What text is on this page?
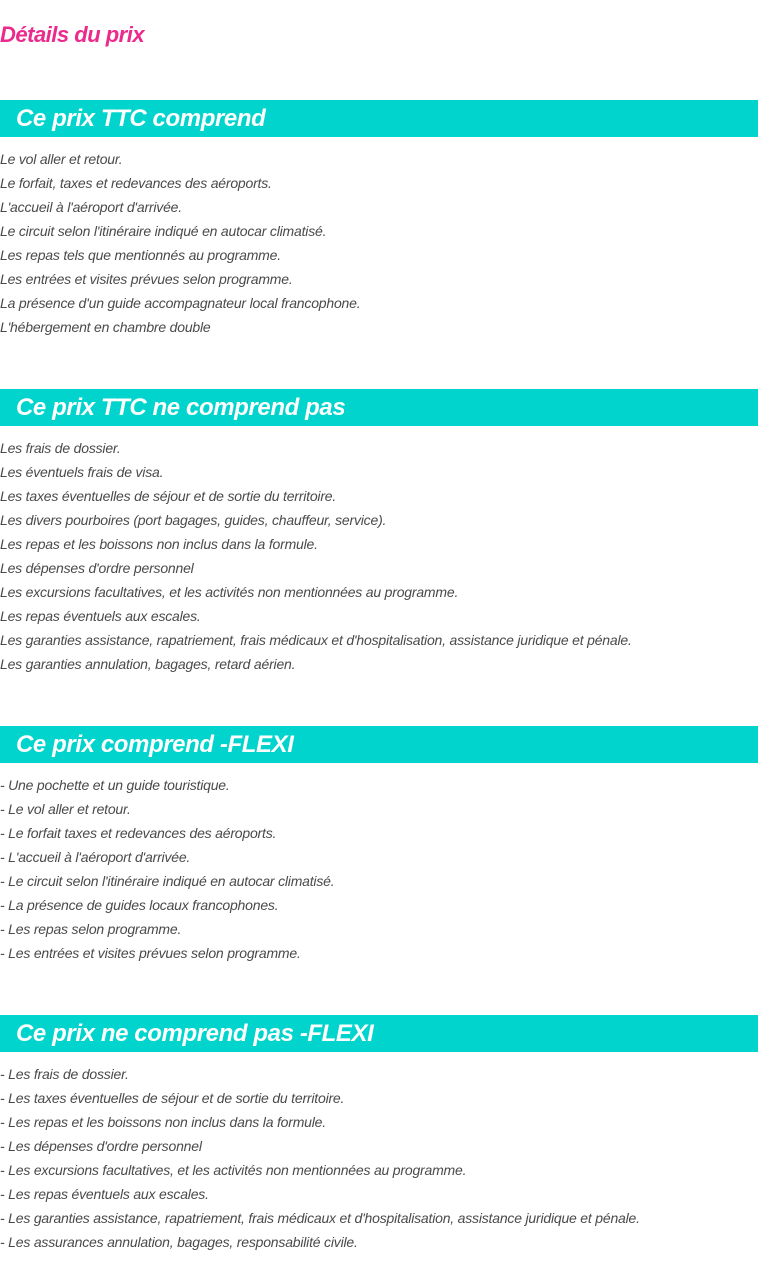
Détails du prix
Ce prix TTC comprend
Le vol aller et retour.
Le forfait, taxes et redevances des aéroports.
L'accueil à l'aéroport d'arrivée.
Le circuit selon l'itinéraire indiqué en autocar climatisé.
Les repas tels que mentionnés au programme.
Les entrées et visites prévues selon programme.
La présence d'un guide accompagnateur local francophone.
L'hébergement en chambre double
Ce prix TTC ne comprend pas
Les frais de dossier.
Les éventuels frais de visa.
Les taxes éventuelles de séjour et de sortie du territoire.
Les divers pourboires (port bagages, guides, chauffeur, service).
Les repas et les boissons non inclus dans la formule.
Les dépenses d'ordre personnel
Les excursions facultatives, et les activités non mentionnées au programme.
Les repas éventuels aux escales.
Les garanties assistance, rapatriement, frais médicaux et d'hospitalisation, assistance juridique et pénale.
Les garanties annulation, bagages, retard aérien.
Ce prix comprend -FLEXI
- Une pochette et un guide touristique.
- Le vol aller et retour.
- Le forfait taxes et redevances des aéroports.
- L'accueil à l'aéroport d'arrivée.
- Le circuit selon l'itinéraire indiqué en autocar climatisé.
- La présence de guides locaux francophones.
- Les repas selon programme.
- Les entrées et visites prévues selon programme.
Ce prix ne comprend pas -FLEXI
- Les frais de dossier.
- Les taxes éventuelles de séjour et de sortie du territoire.
- Les repas et les boissons non inclus dans la formule.
- Les dépenses d'ordre personnel
- Les excursions facultatives, et les activités non mentionnées au programme.
- Les repas éventuels aux escales.
- Les garanties assistance, rapatriement, frais médicaux et d'hospitalisation, assistance juridique et pénale.
- Les assurances annulation, bagages, responsabilité civile.
